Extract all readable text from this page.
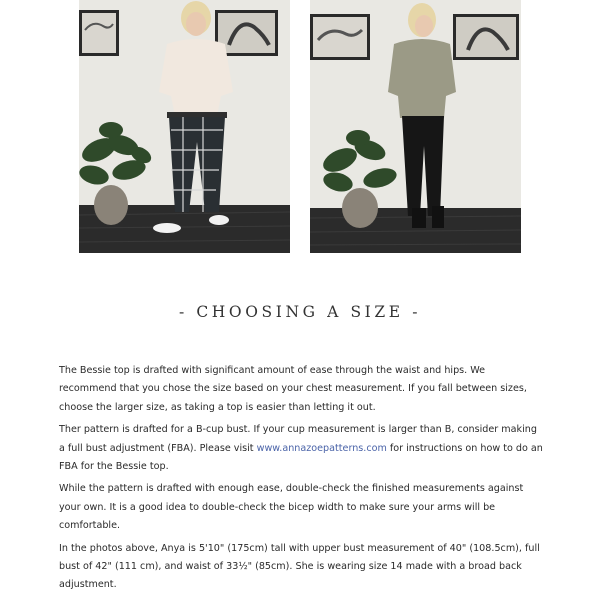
- CHOOSING A SIZE -

The Bessie top is drafted with significant amount of ease through the waist and hips. We recommend that you chose the size based on your chest measurement. If you fall between sizes, choose the larger size, as taking a top is easier than letting it out.

Ther pattern is drafted for a B-cup bust. If your cup measurement is larger than B, consider making a full bust adjustment (FBA). Please visit www.annazoepatterns.com for instructions on how to do an FBA for the Bessie top.

While the pattern is drafted with enough ease, double-check the finished measurements against your own. It is a good idea to double-check the bicep width to make sure your arms will be comfortable.

In the photos above, Anya is 5'10" (175cm) tall with upper bust measurement of 40" (108.5cm), full bust of 42" (111 cm), and waist of 33½" (85cm). She is wearing size 14 made with a broad back adjustment.
